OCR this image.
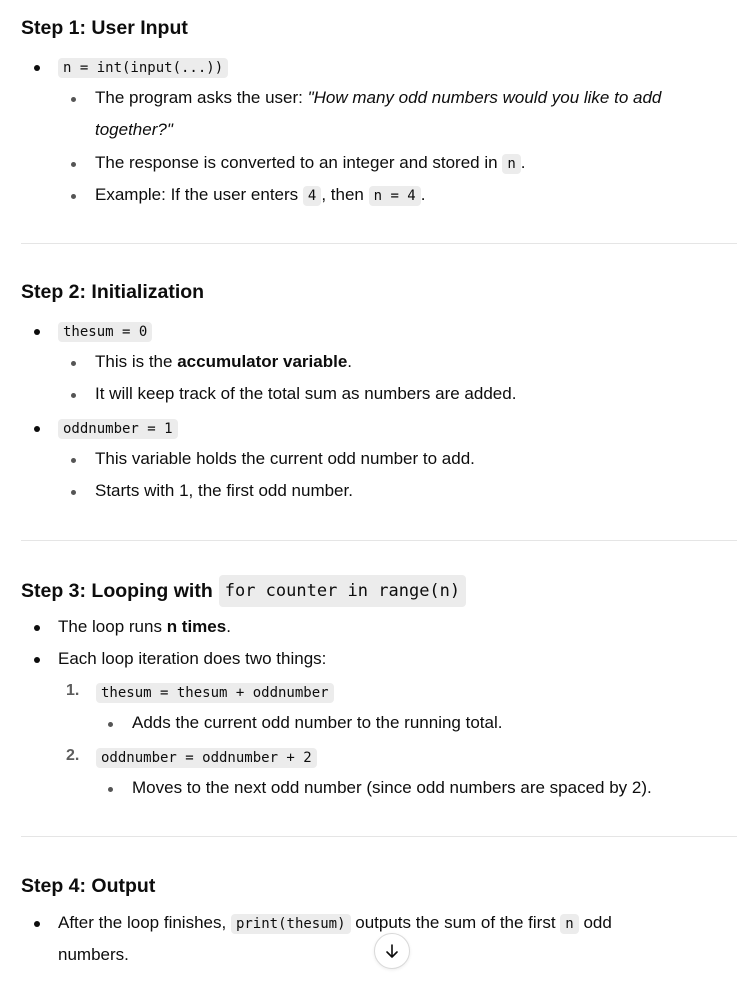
Step 1: User Input
n = int(input(...))
The program asks the user: "How many odd numbers would you like to add
together?"
The response is converted to an integer and stored in n .
Example: If the user enters 4 , then n = 4 .
Step 2: Initialization
thesum = 0
This is the accumulator variable.
It will keep track of the total sum as numbers are added.
oddnumber = 1
This variable holds the current odd number to add.
Starts with 1, the first odd number.
Step 3: Looping with for counter in range(n)
The loop runs n times.
Each loop iteration does two things:
1.	thesum = thesum + oddnumber
Adds the current odd number to the running total.
2.	oddnumber = oddnumber + 2
Moves to the next odd number (since odd numbers are spaced by 2).
Step 4: Output
After the loop finishes, print(thesum) outputs the sum of the first n odd
numbers.
